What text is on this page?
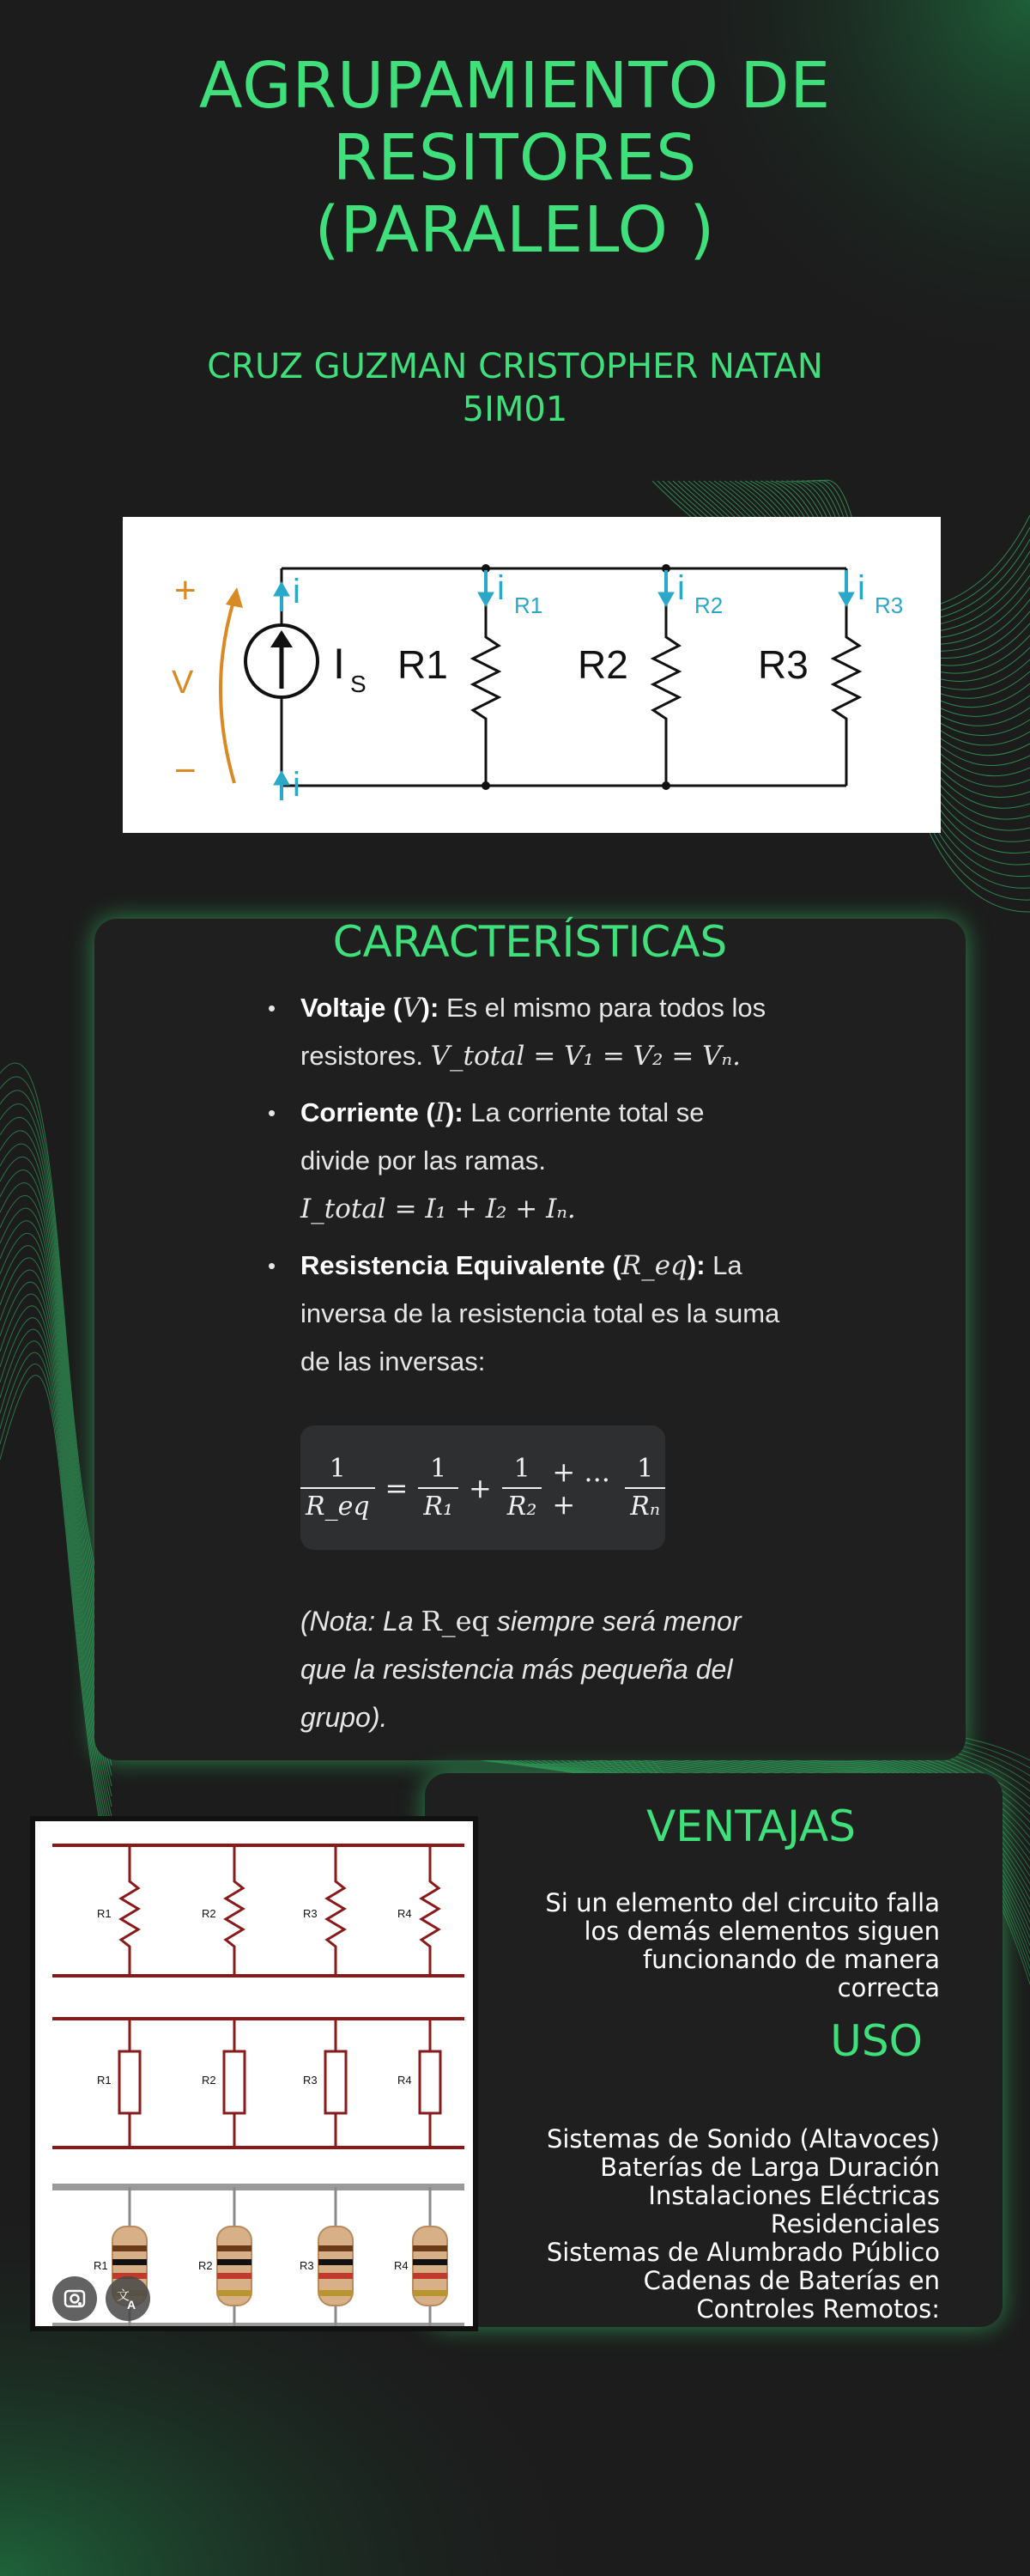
AGRUPAMIENTO DE
RESITORES
(PARALELO )
CRUZ GUZMAN CRISTOPHER NATAN
5IM01
I S R1	R2	R3
i
i
i R1	i R2	i R3
+
V
−
CARACTERÍSTICAS
• Voltaje (V): Es el mismo para todos los resistores. V_total = V₁ = V₂ = Vₙ.
• Corriente (I): La corriente total se divide por las ramas.
I_total = I₁ + I₂ + Iₙ.
• Resistencia Equivalente (R_eq): La inversa de la resistencia total es la suma de las inversas:
$\frac{1}{R\_eq} = \frac{1}{\text{R₁}} + \frac{1}{\text{R₂}}$ + ... +	$\frac{1}{\text{Rₙ}}$
(Nota: La R_eq siempre será menor que la resistencia más pequeña del grupo).
VENTAJAS
Si un elemento del circuito falla
los demás elementos siguen
funcionando de manera
correcta
USO
Sistemas de Sonido (Altavoces)
Baterías de Larga Duración
Instalaciones Eléctricas
Residenciales
Sistemas de Alumbrado Público
Cadenas de Baterías en
Controles Remotos:
R1	R2	R3	R4
R1	R2	R3	R4
R1	R2	R3	R4
文
A
